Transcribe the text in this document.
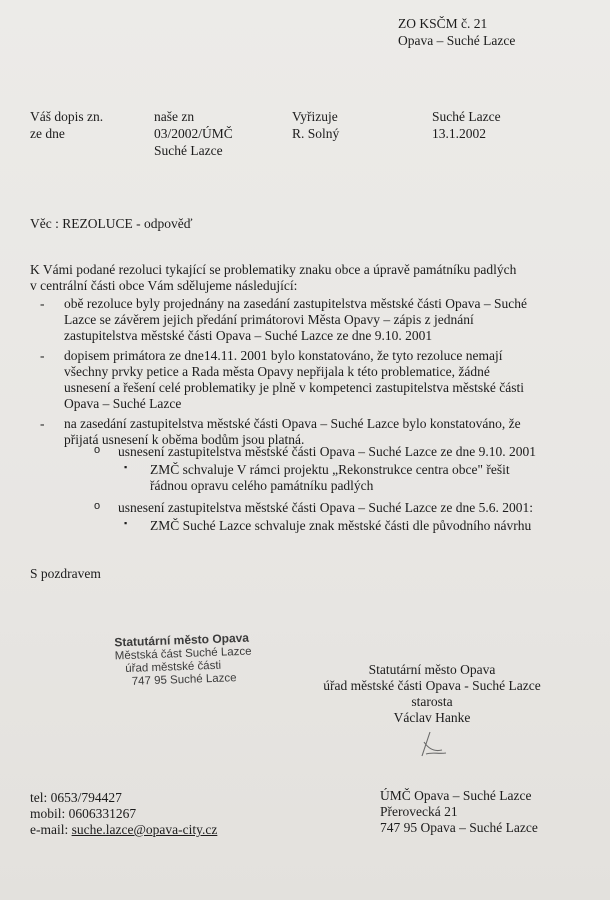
ZO KSČM č. 21
Opava – Suché Lazce
Váš dopis zn.
ze dne
naše zn
03/2002/ÚMČ
Suché Lazce
Vyřizuje
R. Solný
Suché Lazce
13.1.2002
Věc : REZOLUCE - odpověď
K Vámi podané rezoluci tykající se problematiky znaku obce a úpravě památníku padlých
v centrální části obce Vám sdělujeme následující:
- obě rezoluce byly projednány na zasedání zastupitelstva městské části Opava – Suché
Lazce se závěrem jejich předání primátorovi Města Opavy – zápis z jednání
zastupitelstva městské části Opava – Suché Lazce ze dne 9.10. 2001
- dopisem primátora ze dne14.11. 2001 bylo konstatováno, že tyto rezoluce nemají
všechny prvky petice a Rada města Opavy nepřijala k této problematice, žádné
usnesení a řešení celé problematiky je plně v kompetenci zastupitelstva městské části
Opava – Suché Lazce
- na zasedání zastupitelstva městské části Opava – Suché Lazce bylo konstatováno, že
přijatá usnesení k oběma bodům jsou platná.
o usnesení zastupitelstva městské části Opava – Suché Lazce ze dne 9.10. 2001
▪ ZMČ schvaluje V rámci projektu „Rekonstrukce centra obce" řešit
řádnou opravu celého památníku padlých
o usnesení zastupitelstva městské části Opava – Suché Lazce ze dne 5.6. 2001:
▪ ZMČ Suché Lazce schvaluje znak městské části dle původního návrhu
S pozdravem
Statutární město Opava
Městská část Suché Lazce
úřad městské části
747 95 Suché Lazce
Statutární město Opava
úřad městské části Opava - Suché Lazce
starosta
Václav Hanke
tel: 0653/794427
mobil: 0606331267
e-mail: suche.lazce@opava-city.cz
ÚMČ Opava – Suché Lazce
Přerovecká 21
747 95 Opava – Suché Lazce
